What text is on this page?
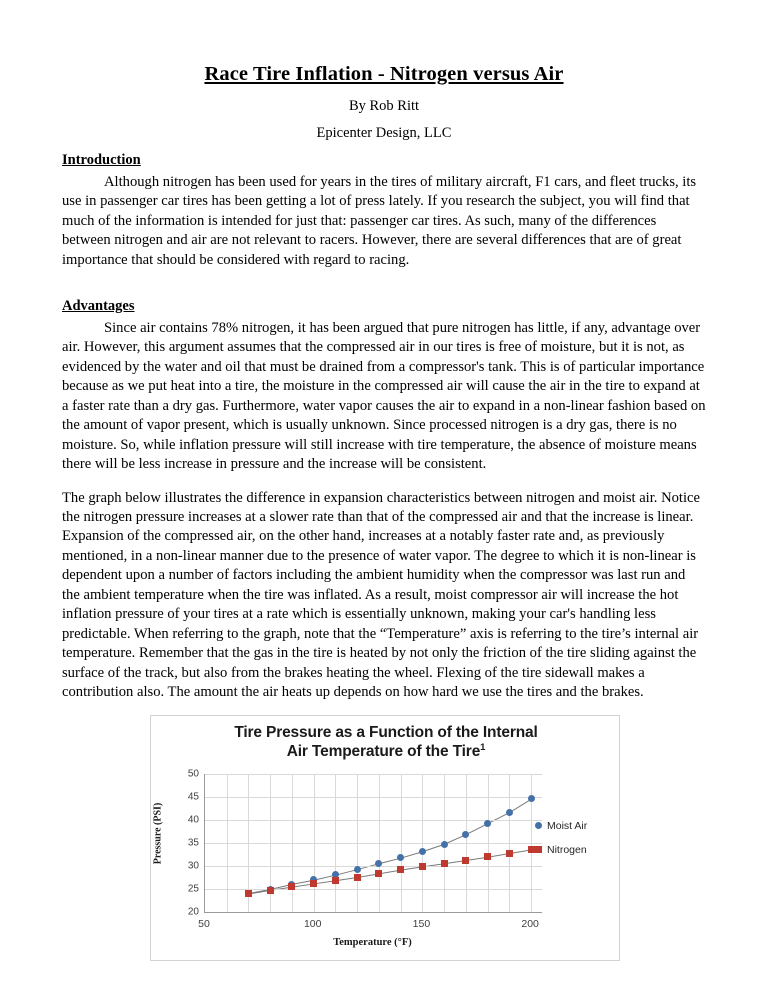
Race Tire Inflation - Nitrogen versus Air
By Rob Ritt
Epicenter Design, LLC
Introduction

Although nitrogen has been used for years in the tires of military aircraft, F1 cars, and fleet trucks, its use in passenger car tires has been getting a lot of press lately. If you research the subject, you will find that much of the information is intended for just that: passenger car tires. As such, many of the differences between nitrogen and air are not relevant to racers. However, there are several differences that are of great importance that should be considered with regard to racing.

Advantages

Since air contains 78% nitrogen, it has been argued that pure nitrogen has little, if any, advantage over air. However, this argument assumes that the compressed air in our tires is free of moisture, but it is not, as evidenced by the water and oil that must be drained from a compressor's tank. This is of particular importance because as we put heat into a tire, the moisture in the compressed air will cause the air in the tire to expand at a faster rate than a dry gas. Furthermore, water vapor causes the air to expand in a non-linear fashion based on the amount of vapor present, which is usually unknown. Since processed nitrogen is a dry gas, there is no moisture. So, while inflation pressure will still increase with tire temperature, the absence of moisture means there will be less increase in pressure and the increase will be consistent.

The graph below illustrates the difference in expansion characteristics between nitrogen and moist air. Notice the nitrogen pressure increases at a slower rate than that of the compressed air and that the increase is linear. Expansion of the compressed air, on the other hand, increases at a notably faster rate and, as previously mentioned, in a non-linear manner due to the presence of water vapor. The degree to which it is non-linear is dependent upon a number of factors including the ambient humidity when the compressor was last run and the ambient temperature when the tire was inflated. As a result, moist compressor air will increase the hot inflation pressure of your tires at a rate which is essentially unknown, making your car's handling less predictable. When referring to the graph, note that the “Temperature” axis is referring to the tire’s internal air temperature. Remember that the gas in the tire is heated by not only the friction of the tire sliding against the surface of the track, but also from the brakes heating the wheel. Flexing of the tire sidewall makes a contribution also. The amount the air heats up depends on how hard we use the tires and the brakes.

Tire Pressure as a Function of the Internal
Air Temperature of the Tire$^1$
Pressure (PSI)
20
25
30
35
40
45
50
50	100	150	200
Temperature (°F)
Moist Air
Nitrogen
